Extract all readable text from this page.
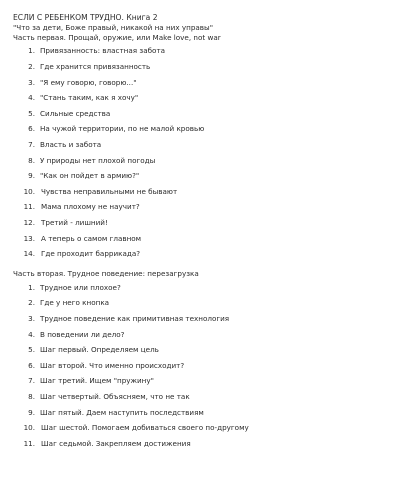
ЕСЛИ С РЕБЕНКОМ ТРУДНО. Книга 2

"Что за дети, Боже правый, никакой на них управы"

Часть первая. Прощай, оружие, или Make love, not war

1. Привязанность: властная забота
2. Где хранится привязанность
3. "Я ему говорю, говорю..."
4. "Стань таким, как я хочу"
5. Сильные средства
6. На чужой территории, по не малой кровью
7. Власть и забота
8. У природы нет плохой погоды
9. "Как он пойдет в армию?"
10. Чувства неправильными не бывают
11. Мама плохому не научит?
12. Третий - лишний!
13. А теперь о самом главном
14. Где проходит баррикада?

Часть вторая. Трудное поведение: перезагрузка

1. Трудное или плохое?
2. Где у него кнопка
3. Трудное поведение как примитивная технология
4. В поведении ли дело?
5. Шаг первый. Определяем цель
6. Шаг второй. Что именно происходит?
7. Шаг третий. Ищем "пружину"
8. Шаг четвертый. Объясняем, что не так
9. Шаг пятый. Даем наступить последствиям
10. Шаг шестой. Помогаем добиваться своего по-другому
11. Шаг седьмой. Закрепляем достижения
